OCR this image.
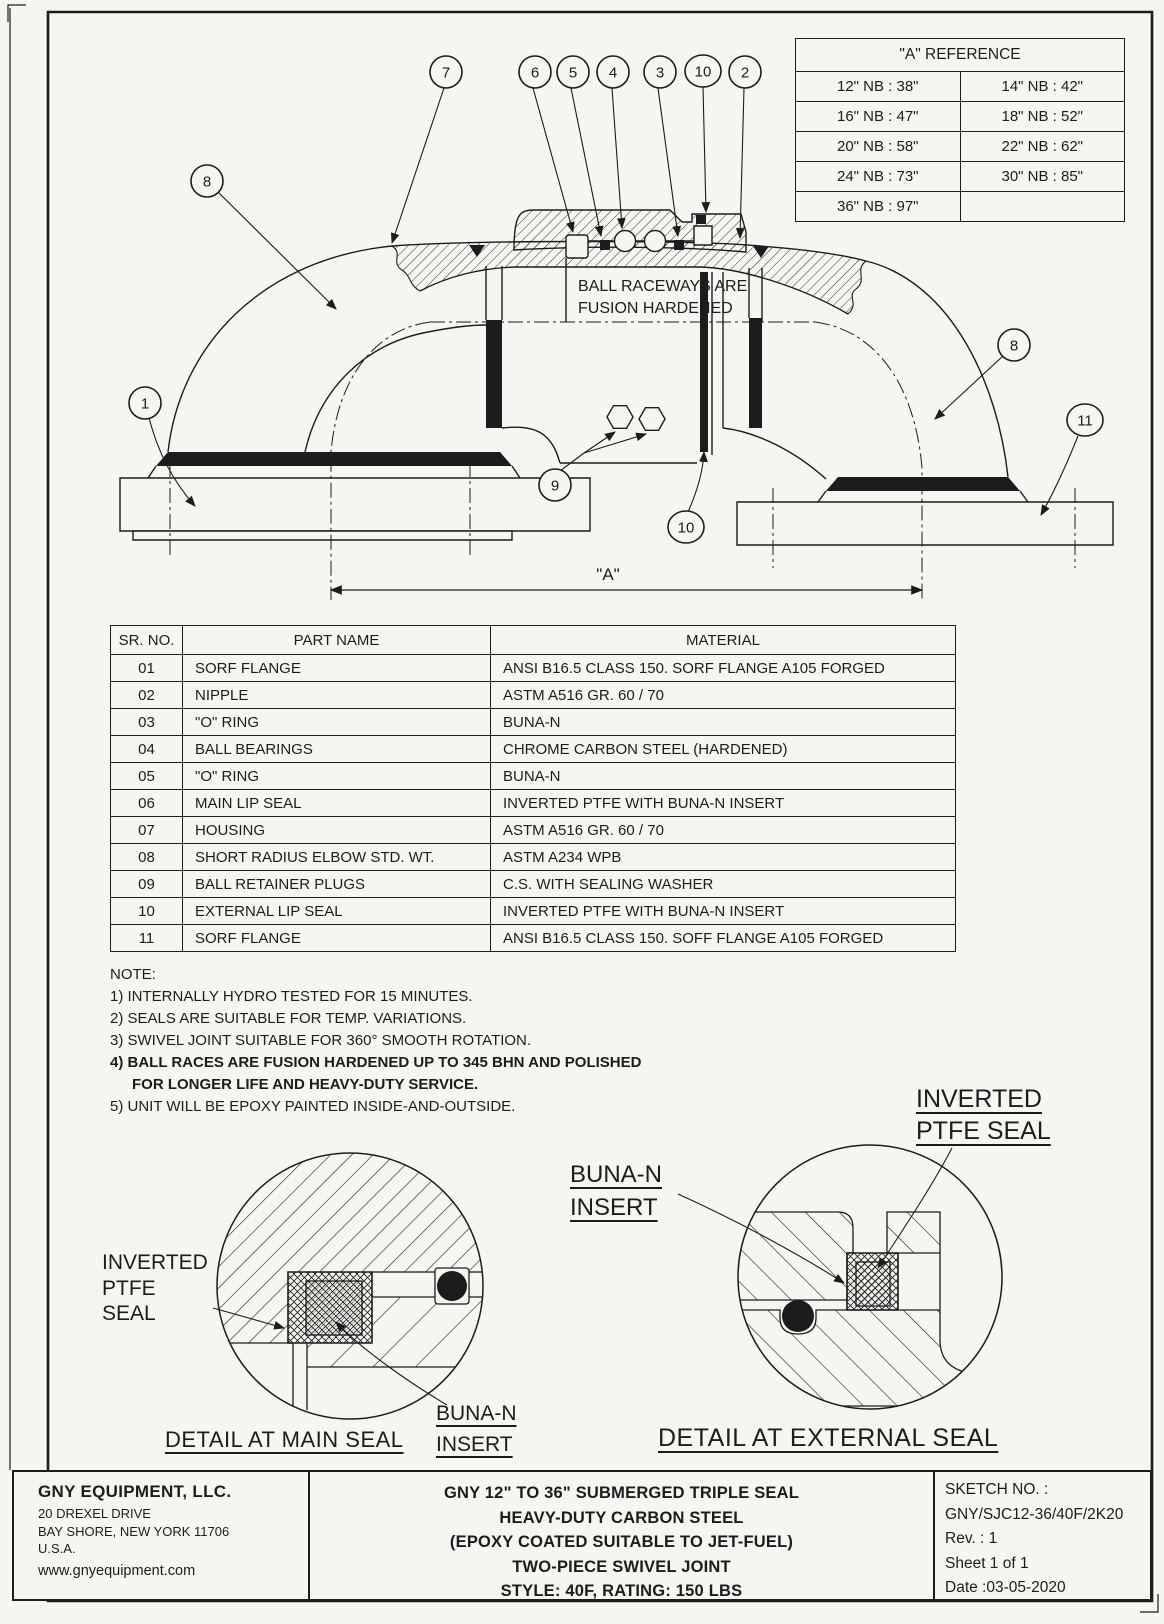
7	6 5 4	3 10 2
8
8
1
11
9
10
"A"
"A" REFERENCE	
12" NB : 38"	14" NB : 42"
16" NB : 47"	18" NB : 52"
20" NB : 58"	22" NB : 62"
24" NB : 73"	30" NB : 85"
36" NB : 97"	
BALL RACEWAYS ARE
FUSION HARDENED
SR. NO.	PART NAME	MATERIAL
01	SORF FLANGE	ANSI B16.5 CLASS 150. SORF FLANGE A105 FORGED
02	NIPPLE	ASTM A516 GR. 60 / 70
03	"O" RING	BUNA-N
04	BALL BEARINGS	CHROME CARBON STEEL (HARDENED)
05	"O" RING	BUNA-N
06	MAIN LIP SEAL	INVERTED PTFE WITH BUNA-N INSERT
07	HOUSING	ASTM A516 GR. 60 / 70
08	SHORT RADIUS ELBOW STD. WT.	ASTM A234 WPB
09	BALL RETAINER PLUGS	C.S. WITH SEALING WASHER
10	EXTERNAL LIP SEAL	INVERTED PTFE WITH BUNA-N INSERT
11	SORF FLANGE	ANSI B16.5 CLASS 150. SOFF FLANGE A105 FORGED
NOTE:
1) INTERNALLY HYDRO TESTED FOR 15 MINUTES.
2) SEALS ARE SUITABLE FOR TEMP. VARIATIONS.
3) SWIVEL JOINT SUITABLE FOR 360° SMOOTH ROTATION.
4) BALL RACES ARE FUSION HARDENED UP TO 345 BHN AND POLISHED
FOR LONGER LIFE AND HEAVY-DUTY SERVICE.
5) UNIT WILL BE EPOXY PAINTED INSIDE-AND-OUTSIDE.
INVERTED
PTFE
SEAL
BUNA-N
INSERT
BUNA-N
INSERT
INVERTED
PTFE SEAL
DETAIL AT MAIN SEAL	DETAIL AT EXTERNAL SEAL
GNY EQUIPMENT, LLC.
20 DREXEL DRIVE
BAY SHORE, NEW YORK 11706
U.S.A.
www.gnyequipment.com
GNY 12" TO 36" SUBMERGED TRIPLE SEAL
HEAVY-DUTY CARBON STEEL
(EPOXY COATED SUITABLE TO JET-FUEL)
TWO-PIECE SWIVEL JOINT
STYLE: 40F, RATING: 150 LBS
SKETCH NO. :
GNY/SJC12-36/40F/2K20
Rev. : 1
Sheet 1 of 1
Date :03-05-2020
